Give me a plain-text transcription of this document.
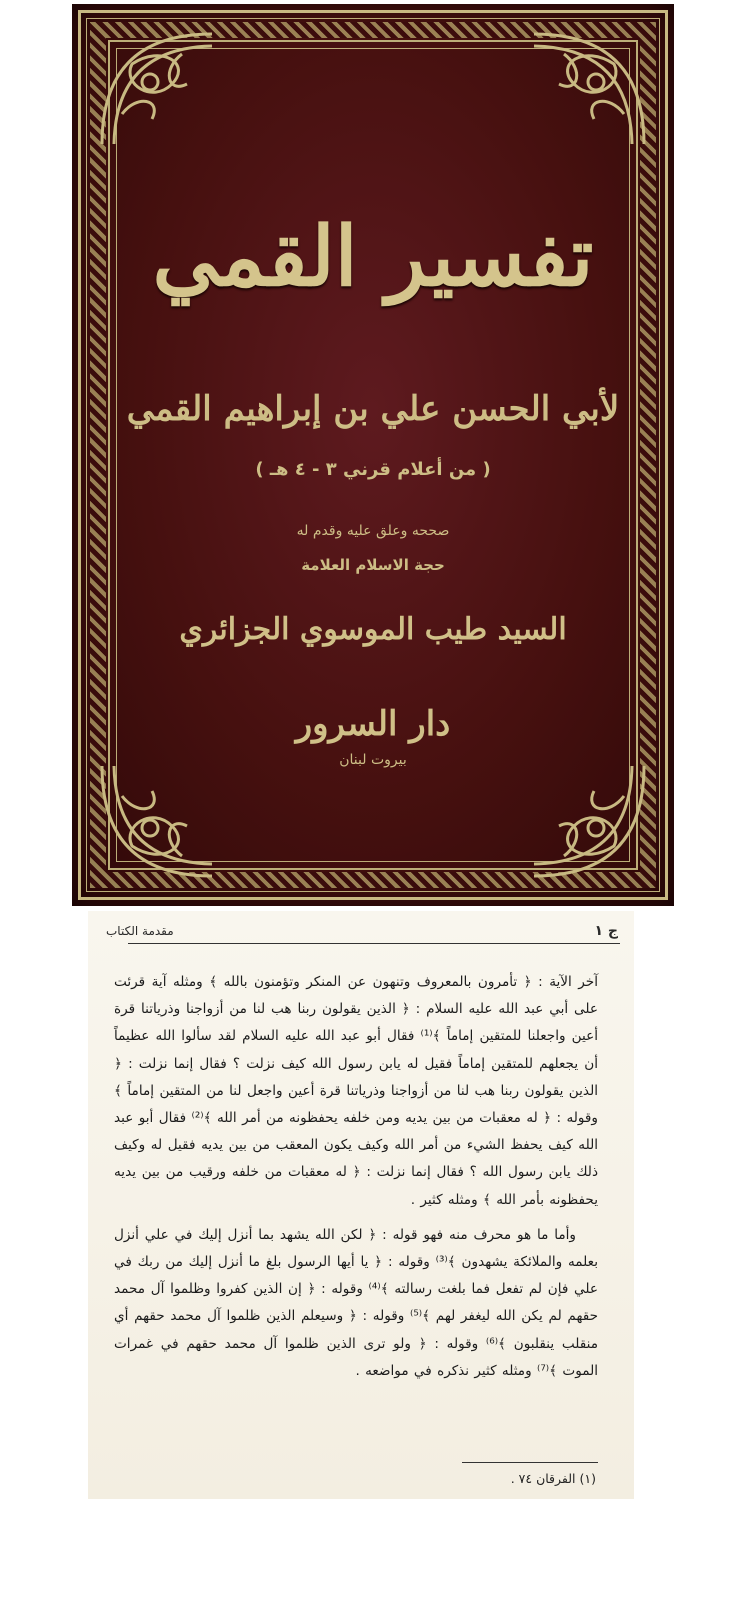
تفسير القمي
لأبي الحسن علي بن إبراهيم القمي
( من أعلام قرني ٣ - ٤ هـ )
صححه وعلق عليه وقدم له
حجة الاسلام العلامة
السيد طيب الموسوي الجزائري
دار السرور
بيروت لبنان
ج ١
مقدمة الكتاب

آخر الآية : ﴿ تأمرون بالمعروف وتنهون عن المنكر وتؤمنون بالله ﴾ ومثله آية قرئت على أبي عبد الله عليه السلام : ﴿ الذين يقولون ربنا هب لنا من أزواجنا وذرياتنا قرة أعين واجعلنا للمتقين إماماً ﴾⁽¹⁾ فقال أبو عبد الله عليه السلام لقد سألوا الله عظيماً أن يجعلهم للمتقين إماماً فقيل له يابن رسول الله كيف نزلت ؟ فقال إنما نزلت : ﴿ الذين يقولون ربنا هب لنا من أزواجنا وذرياتنا قرة أعين واجعل لنا من المتقين إماماً ﴾ وقوله : ﴿ له معقبات من بين يديه ومن خلفه يحفظونه من أمر الله ﴾⁽²⁾ فقال أبو عبد الله كيف يحفظ الشيء من أمر الله وكيف يكون المعقب من بين يديه فقيل له وكيف ذلك يابن رسول الله ؟ فقال إنما نزلت : ﴿ له معقبات من خلفه ورقيب من بين يديه يحفظونه بأمر الله ﴾ ومثله كثير .

وأما ما هو محرف منه فهو قوله : ﴿ لكن الله يشهد بما أنزل إليك في علي أنزل بعلمه والملائكة يشهدون ﴾⁽³⁾ وقوله : ﴿ يا أيها الرسول بلغ ما أنزل إليك من ربك في علي فإن لم تفعل فما بلغت رسالته ﴾⁽⁴⁾ وقوله : ﴿ إن الذين كفروا وظلموا آل محمد حقهم لم يكن الله ليغفر لهم ﴾⁽⁵⁾ وقوله : ﴿ وسيعلم الذين ظلموا آل محمد حقهم أي منقلب ينقلبون ﴾⁽⁶⁾ وقوله : ﴿ ولو ترى الذين ظلموا آل محمد حقهم في غمرات الموت ﴾⁽⁷⁾ ومثله كثير نذكره في مواضعه .

(١) الفرقان ٧٤ .
